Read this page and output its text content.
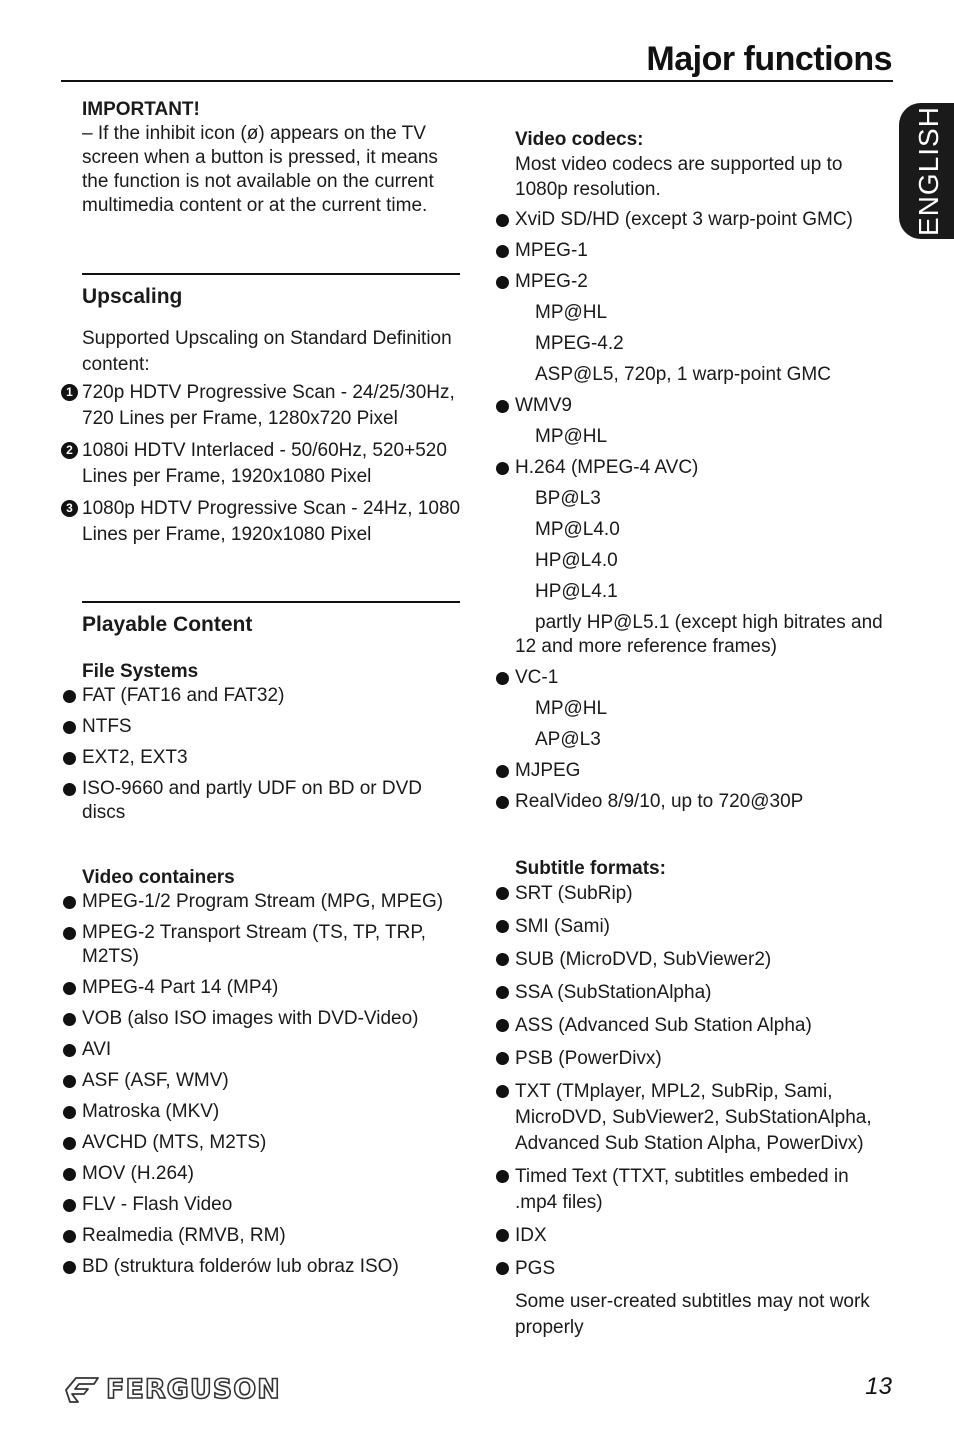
Major functions
ENGLISH
IMPORTANT!
– If the inhibit icon (ø) appears on the TV screen when a button is pressed, it means the function is not available on the current multimedia content or at the current time.
Upscaling
Supported Upscaling on Standard Definition content:
1 720p HDTV Progressive Scan - 24/25/30Hz, 720 Lines per Frame, 1280x720 Pixel
2 1080i HDTV Interlaced - 50/60Hz, 520+520 Lines per Frame, 1920x1080 Pixel
3 1080p HDTV Progressive Scan - 24Hz, 1080 Lines per Frame, 1920x1080 Pixel
Playable Content
File Systems
FAT (FAT16 and FAT32)
NTFS
EXT2, EXT3
ISO-9660 and partly UDF on BD or DVD discs
Video containers
MPEG-1/2 Program Stream (MPG, MPEG)
MPEG-2 Transport Stream (TS, TP, TRP, M2TS)
MPEG-4 Part 14 (MP4)
VOB (also ISO images with DVD-Video)
AVI
ASF (ASF, WMV)
Matroska (MKV)
AVCHD (MTS, M2TS)
MOV (H.264)
FLV - Flash Video
Realmedia (RMVB, RM)
BD (struktura folderów lub obraz ISO)
Video codecs:
Most video codecs are supported up to 1080p resolution.
XviD SD/HD (except 3 warp-point GMC)
MPEG-1
MPEG-2
MP@HL
MPEG-4.2
ASP@L5, 720p, 1 warp-point GMC
WMV9
MP@HL
H.264 (MPEG-4 AVC)
BP@L3
MP@L4.0
HP@L4.0
HP@L4.1
partly HP@L5.1 (except high bitrates and 12 and more reference frames)
VC-1
MP@HL
AP@L3
MJPEG
RealVideo 8/9/10, up to 720@30P
Subtitle formats:
SRT (SubRip)
SMI (Sami)
SUB (MicroDVD, SubViewer2)
SSA (SubStationAlpha)
ASS (Advanced Sub Station Alpha)
PSB (PowerDivx)
TXT (TMplayer, MPL2, SubRip, Sami, MicroDVD, SubViewer2, SubStationAlpha, Advanced Sub Station Alpha, PowerDivx)
Timed Text (TTXT, subtitles embeded in .mp4 files)
IDX
PGS
Some user-created subtitles may not work properly
FERGUSON	13
